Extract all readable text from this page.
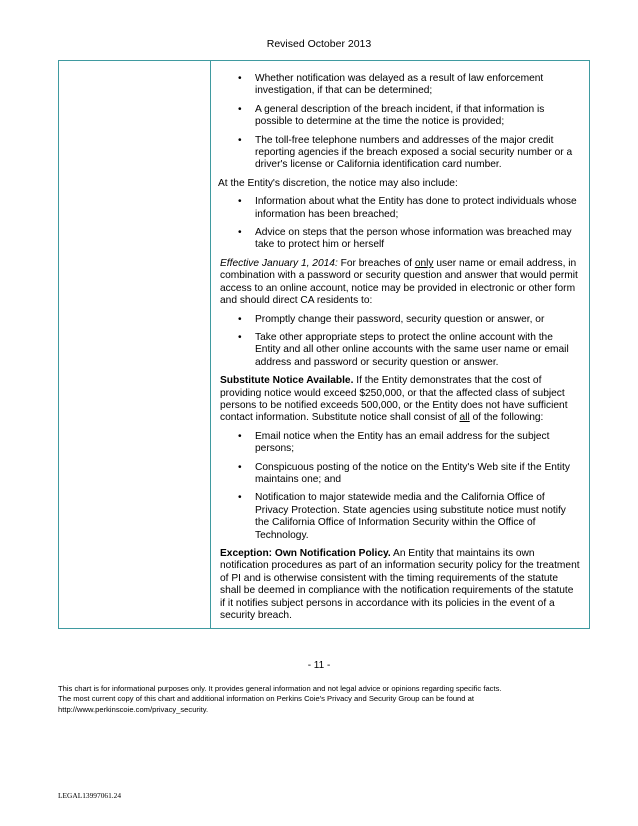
Revised October 2013
• Whether notification was delayed as a result of law enforcement investigation, if that can be determined;
• A general description of the breach incident, if that information is possible to determine at the time the notice is provided;
• The toll-free telephone numbers and addresses of the major credit reporting agencies if the breach exposed a social security number or a driver's license or California identification card number.

At the Entity's discretion, the notice may also include:

• Information about what the Entity has done to protect individuals whose information has been breached;
• Advice on steps that the person whose information was breached may take to protect him or herself

Effective January 1, 2014: For breaches of only user name or email address, in combination with a password or security question and answer that would permit access to an online account, notice may be provided in electronic or other form and should direct CA residents to:

• Promptly change their password, security question or answer, or
• Take other appropriate steps to protect the online account with the Entity and all other online accounts with the same user name or email address and password or security question or answer.

Substitute Notice Available. If the Entity demonstrates that the cost of providing notice would exceed $250,000, or that the affected class of subject persons to be notified exceeds 500,000, or the Entity does not have sufficient contact information. Substitute notice shall consist of all of the following:

• Email notice when the Entity has an email address for the subject persons;
• Conspicuous posting of the notice on the Entity's Web site if the Entity maintains one; and
• Notification to major statewide media and the California Office of Privacy Protection. State agencies using substitute notice must notify the California Office of Information Security within the Office of Technology.

Exception: Own Notification Policy. An Entity that maintains its own notification procedures as part of an information security policy for the treatment of PI and is otherwise consistent with the timing requirements of the statute shall be deemed in compliance with the notification requirements of the statute if it notifies subject persons in accordance with its policies in the event of a security breach.

- 11 -
This chart is for informational purposes only. It provides general information and not legal advice or opinions regarding specific facts.
The most current copy of this chart and additional information on Perkins Coie's Privacy and Security Group can be found at
http://www.perkinscoie.com/privacy_security.
LEGAL13997061.24
